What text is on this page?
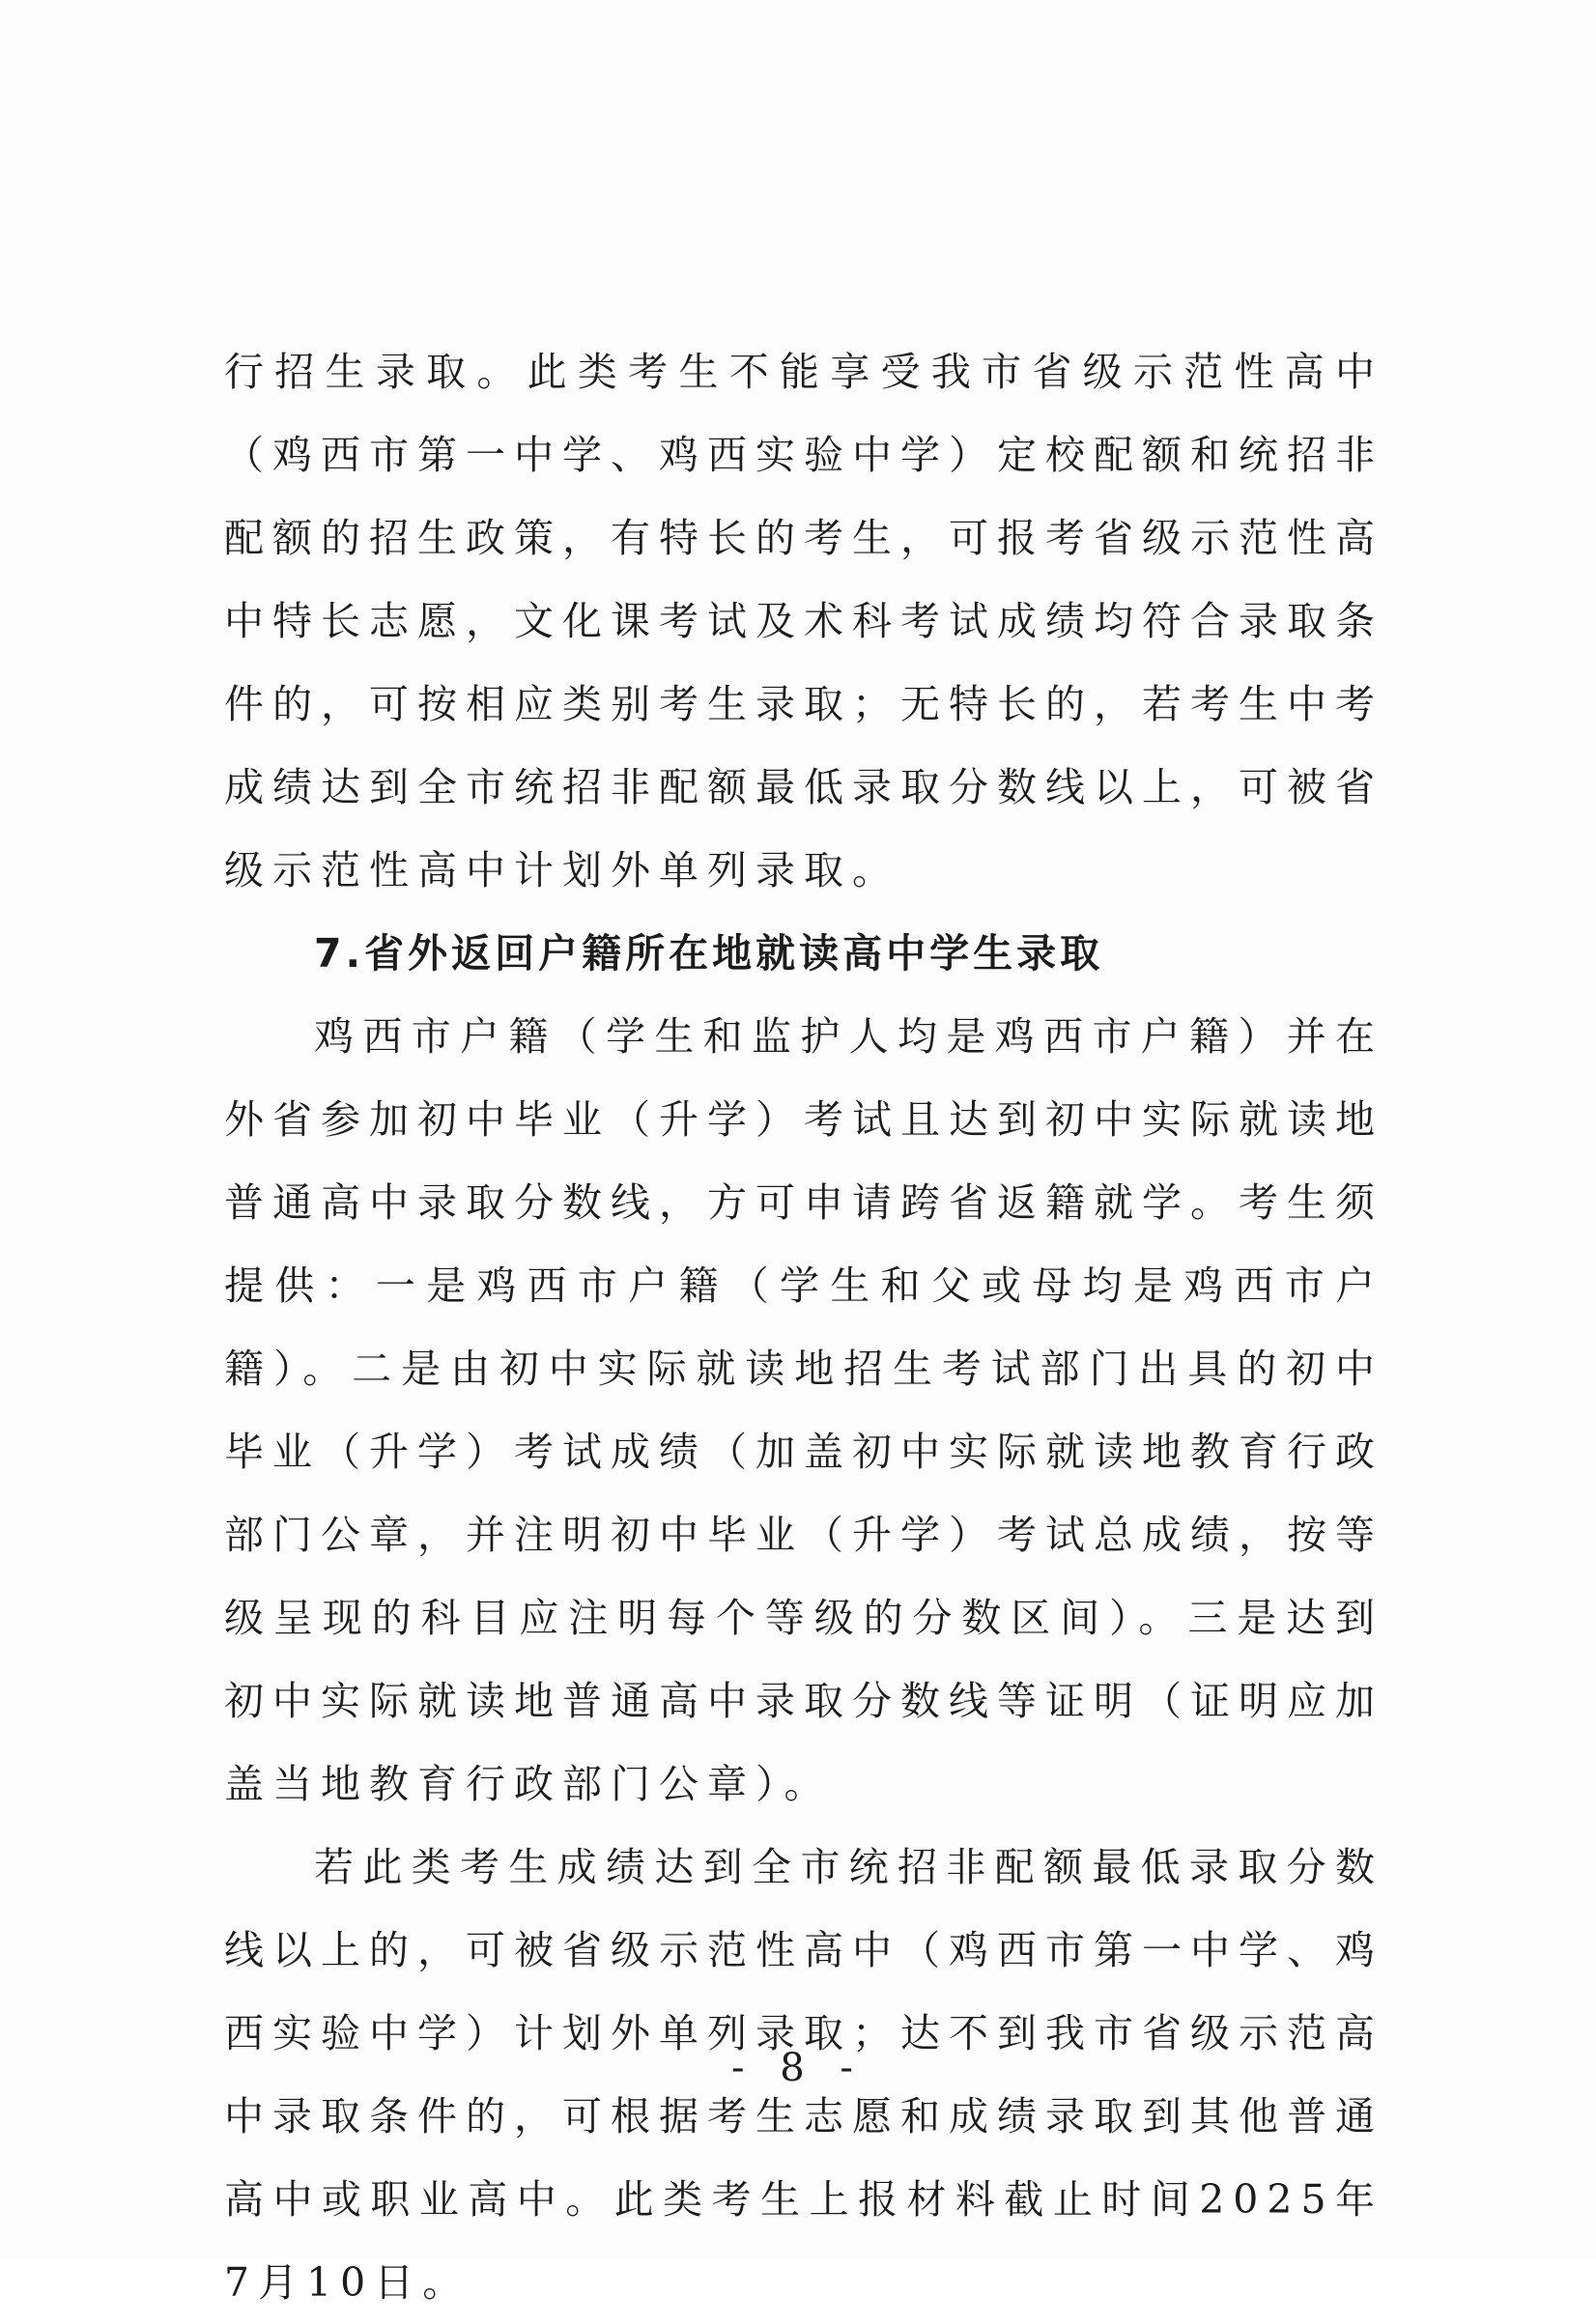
行招生录取。此类考生不能享受我市省级示范性高中（鸡西市第一中学、鸡西实验中学）定校配额和统招非配额的招生政策，有特长的考生，可报考省级示范性高中特长志愿，文化课考试及术科考试成绩均符合录取条件的，可按相应类别考生录取；无特长的，若考生中考成绩达到全市统招非配额最低录取分数线以上，可被省级示范性高中计划外单列录取。

7.省外返回户籍所在地就读高中学生录取

鸡西市户籍（学生和监护人均是鸡西市户籍）并在外省参加初中毕业（升学）考试且达到初中实际就读地普通高中录取分数线，方可申请跨省返籍就学。考生须提供：一是鸡西市户籍（学生和父或母均是鸡西市户籍）。二是由初中实际就读地招生考试部门出具的初中毕业（升学）考试成绩（加盖初中实际就读地教育行政部门公章，并注明初中毕业（升学）考试总成绩，按等级呈现的科目应注明每个等级的分数区间）。三是达到初中实际就读地普通高中录取分数线等证明（证明应加盖当地教育行政部门公章）。

若此类考生成绩达到全市统招非配额最低录取分数线以上的，可被省级示范性高中（鸡西市第一中学、鸡西实验中学）计划外单列录取；达不到我市省级示范高中录取条件的，可根据考生志愿和成绩录取到其他普通高中或职业高中。此类考生上报材料截止时间2025年7月10日。

- 8 -
